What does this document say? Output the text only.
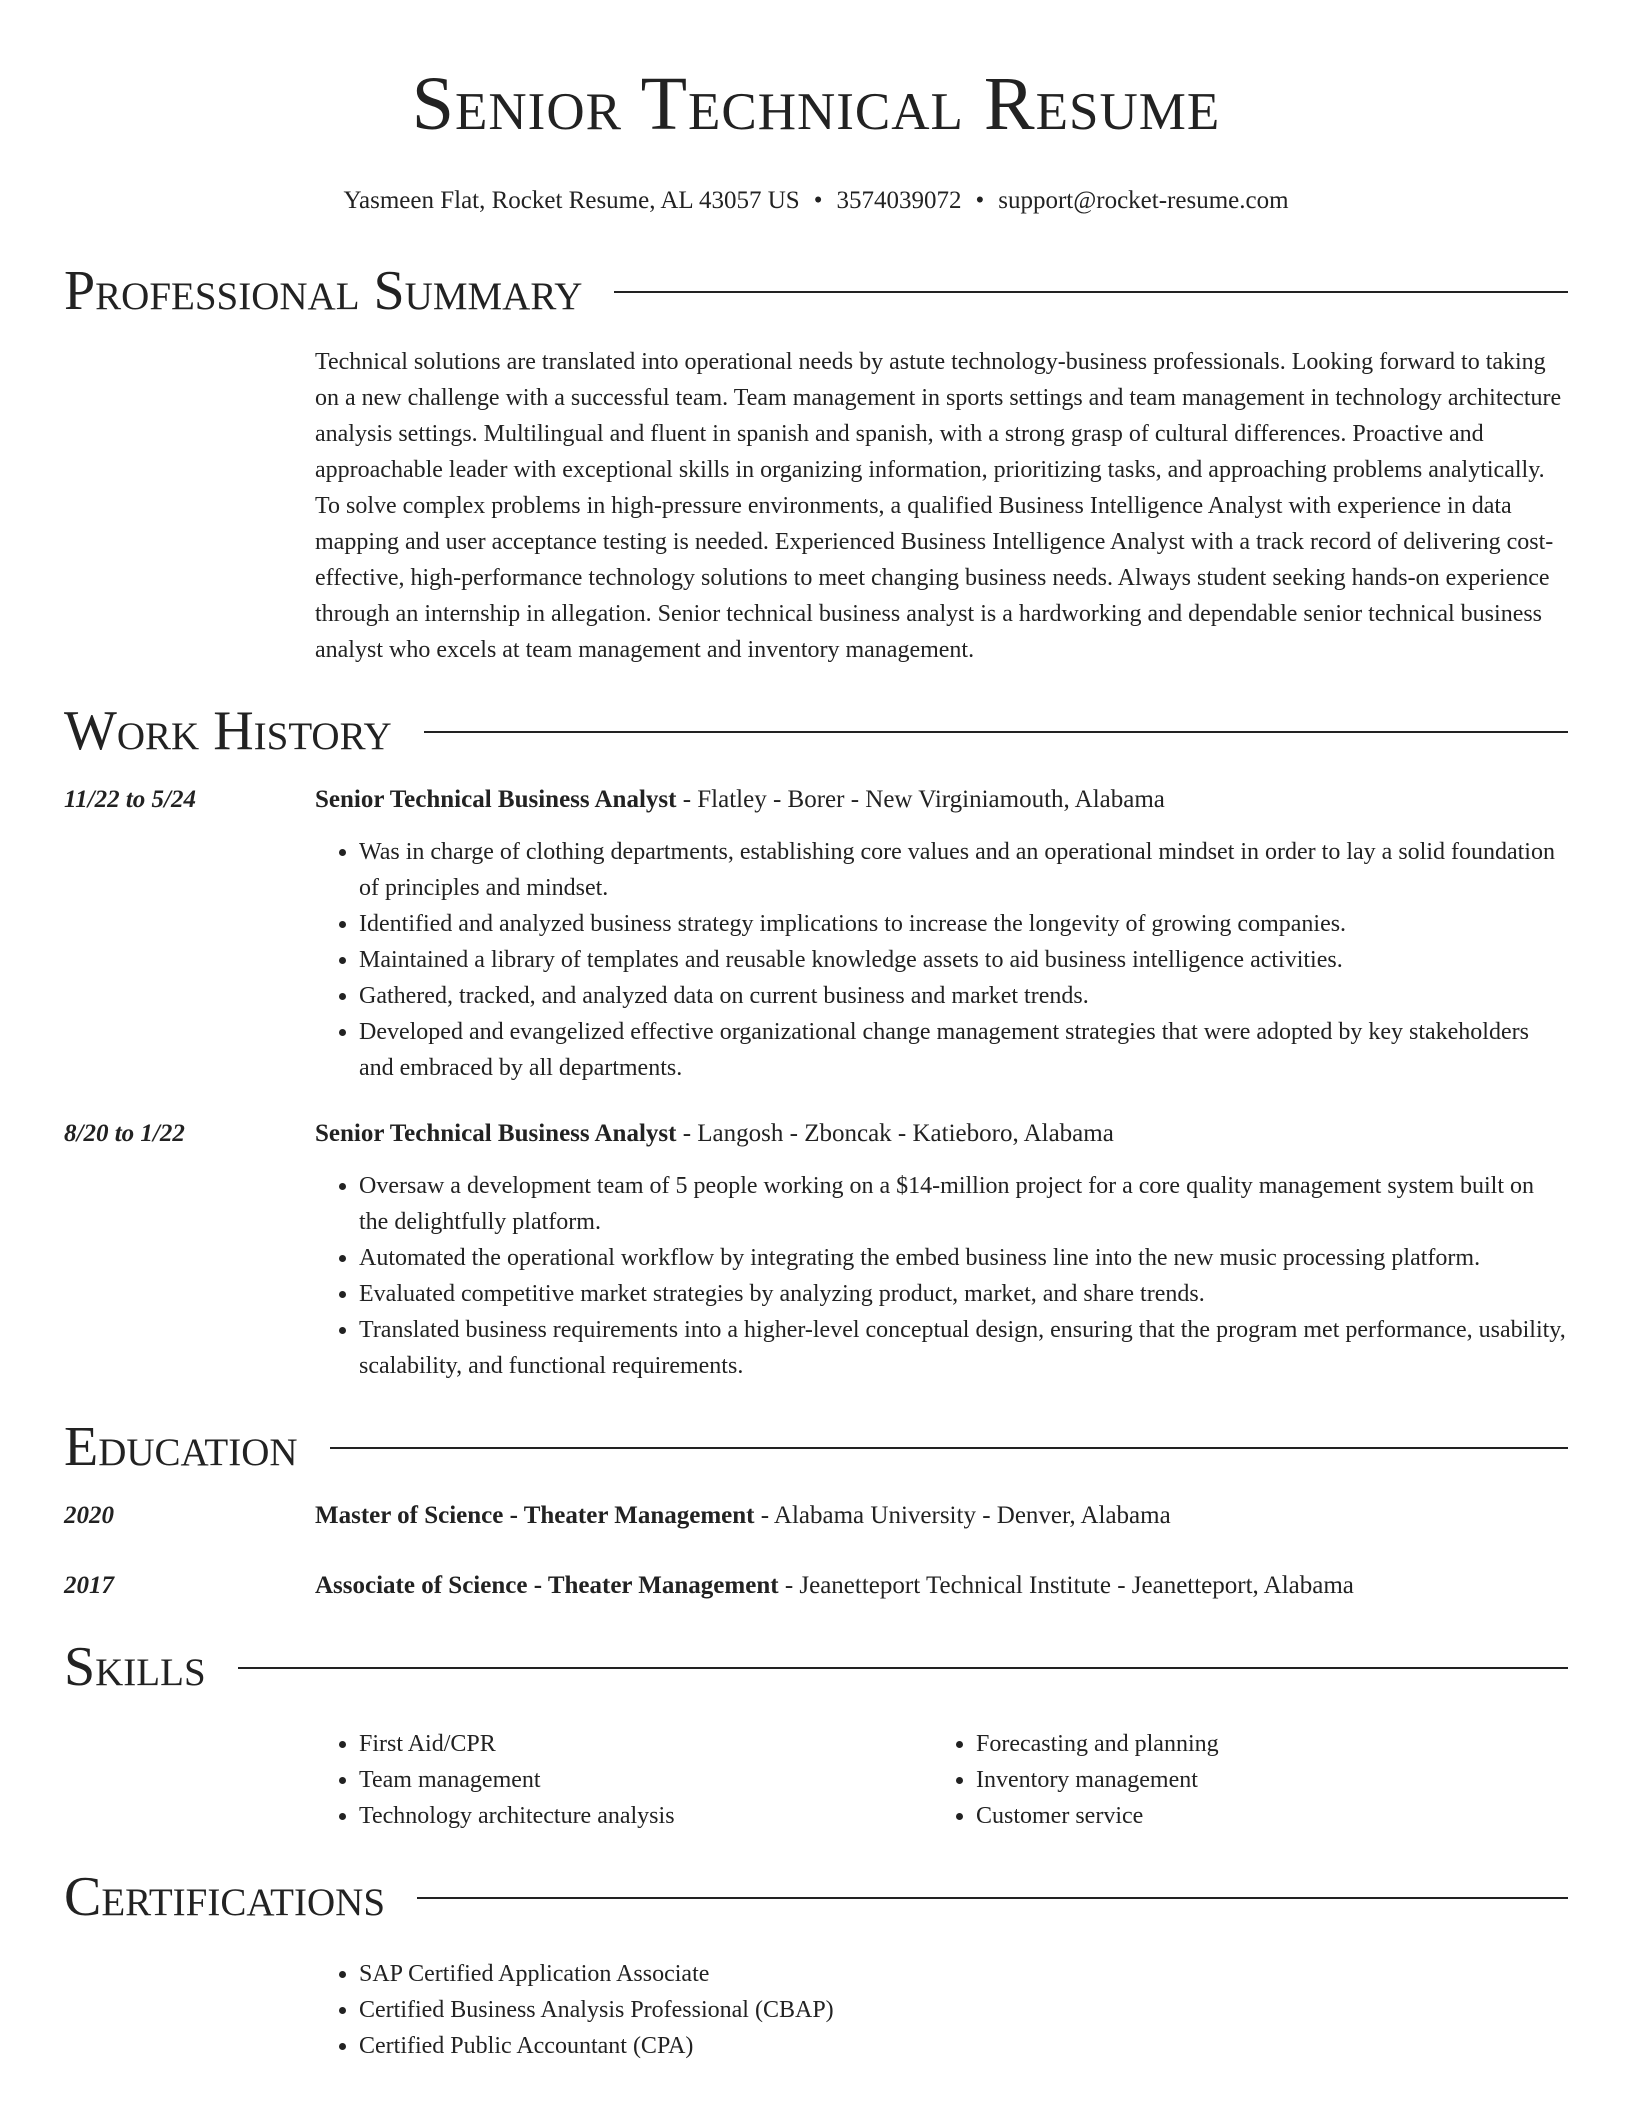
Senior Technical Resume
Yasmeen Flat, Rocket Resume, AL 43057 US • 3574039072 • support@rocket-resume.com
Professional Summary

Technical solutions are translated into operational needs by astute technology-business professionals. Looking forward to taking on a new challenge with a successful team. Team management in sports settings and team management in technology architecture analysis settings. Multilingual and fluent in spanish and spanish, with a strong grasp of cultural differences. Proactive and approachable leader with exceptional skills in organizing information, prioritizing tasks, and approaching problems analytically. To solve complex problems in high-pressure environments, a qualified Business Intelligence Analyst with experience in data mapping and user acceptance testing is needed. Experienced Business Intelligence Analyst with a track record of delivering cost-effective, high-performance technology solutions to meet changing business needs. Always student seeking hands-on experience through an internship in allegation. Senior technical business analyst is a hardworking and dependable senior technical business analyst who excels at team management and inventory management.

Work History
11/22 to 5/24	Senior Technical Business Analyst - Flatley - Borer - New Virginiamouth, Alabama
• Was in charge of clothing departments, establishing core values and an operational mindset in order to lay a solid foundation of principles and mindset.
• Identified and analyzed business strategy implications to increase the longevity of growing companies.
• Maintained a library of templates and reusable knowledge assets to aid business intelligence activities.
• Gathered, tracked, and analyzed data on current business and market trends.
• Developed and evangelized effective organizational change management strategies that were adopted by key stakeholders and embraced by all departments.
8/20 to 1/22	Senior Technical Business Analyst - Langosh - Zboncak - Katieboro, Alabama
• Oversaw a development team of 5 people working on a $14-million project for a core quality management system built on the delightfully platform.
• Automated the operational workflow by integrating the embed business line into the new music processing platform.
• Evaluated competitive market strategies by analyzing product, market, and share trends.
• Translated business requirements into a higher-level conceptual design, ensuring that the program met performance, usability, scalability, and functional requirements.
Education
2020	Master of Science - Theater Management - Alabama University - Denver, Alabama
2017	Associate of Science - Theater Management - Jeanetteport Technical Institute - Jeanetteport, Alabama
Skills
• First Aid/CPR
• Team management
• Technology architecture analysis
• Forecasting and planning
• Inventory management
• Customer service
Certifications
• SAP Certified Application Associate
• Certified Business Analysis Professional (CBAP)
• Certified Public Accountant (CPA)
